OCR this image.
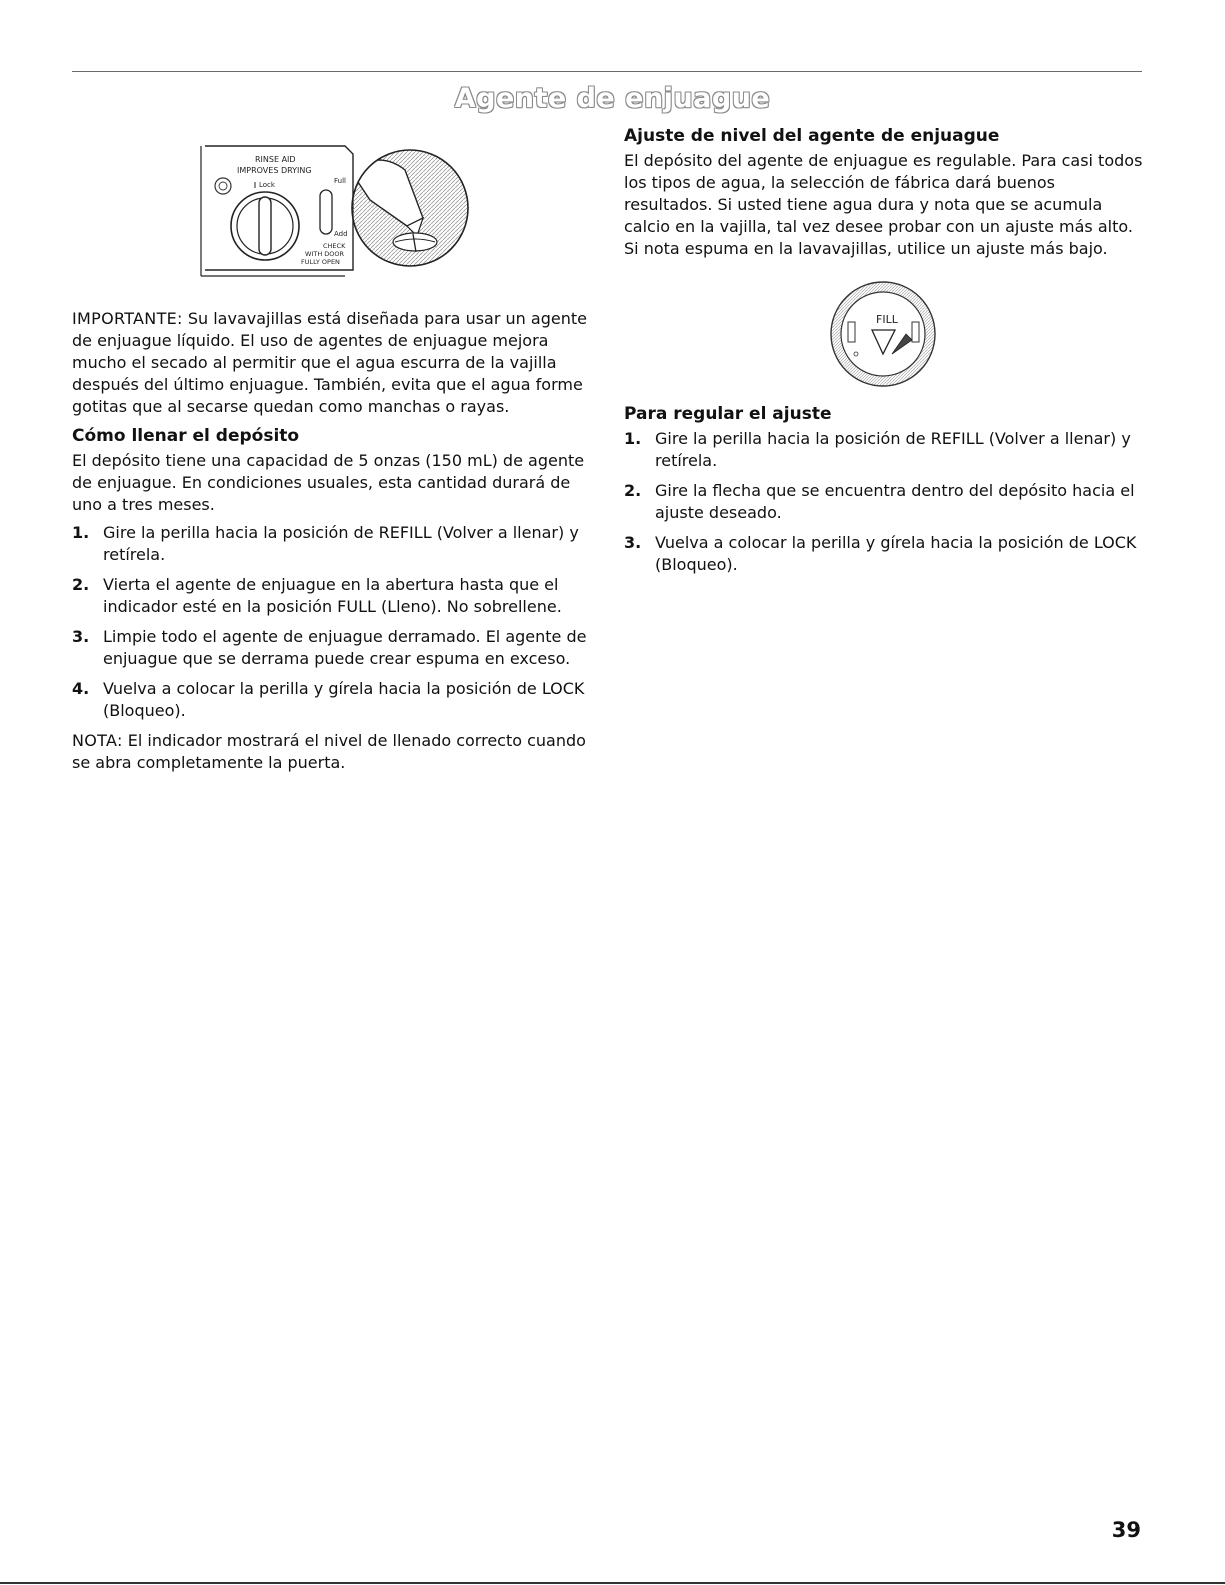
Agente de enjuague
RINSE AID
IMPROVES DRYING
Lock	Full
Add
CHECK
WITH DOOR
FULLY OPEN

IMPORTANTE: Su lavavajillas está diseñada para usar un agente de enjuague líquido. El uso de agentes de enjuague mejora mucho el secado al permitir que el agua escurra de la vajilla después del último enjuague. También, evita que el agua forme gotitas que al secarse quedan como manchas o rayas.

Cómo llenar el depósito

El depósito tiene una capacidad de 5 onzas (150 mL) de agente de enjuague. En condiciones usuales, esta cantidad durará de uno a tres meses.

1. Gire la perilla hacia la posición de REFILL (Volver a llenar) y retírela.
2. Vierta el agente de enjuague en la abertura hasta que el indicador esté en la posición FULL (Lleno). No sobrellene.
3. Limpie todo el agente de enjuague derramado. El agente de enjuague que se derrama puede crear espuma en exceso.
4. Vuelva a colocar la perilla y gírela hacia la posición de LOCK (Bloqueo).

NOTA: El indicador mostrará el nivel de llenado correcto cuando se abra completamente la puerta.

Ajuste de nivel del agente de enjuague

El depósito del agente de enjuague es regulable. Para casi todos los tipos de agua, la selección de fábrica dará buenos resultados. Si usted tiene agua dura y nota que se acumula calcio en la vajilla, tal vez desee probar con un ajuste más alto. Si nota espuma en la lavavajillas, utilice un ajuste más bajo.

FILL
Para regular el ajuste
1. Gire la perilla hacia la posición de REFILL (Volver a llenar) y retírela.
2. Gire la flecha que se encuentra dentro del depósito hacia el ajuste deseado.
3. Vuelva a colocar la perilla y gírela hacia la posición de LOCK (Bloqueo).
39
